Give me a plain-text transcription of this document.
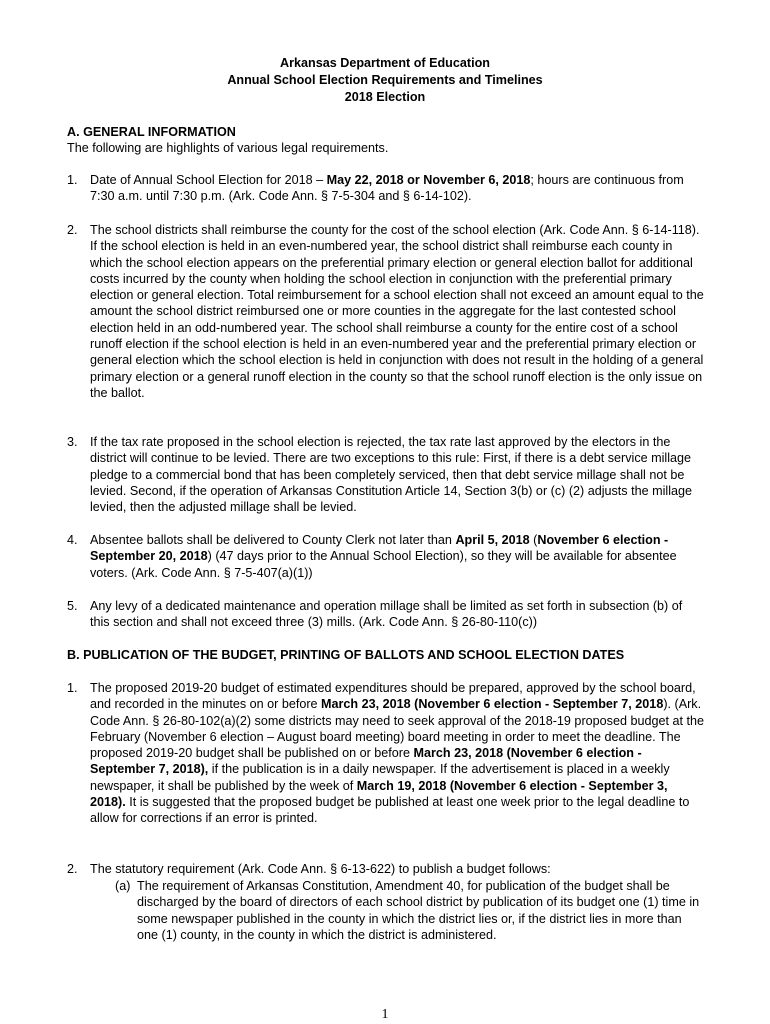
Arkansas Department of Education
Annual School Election Requirements and Timelines
2018 Election
A. GENERAL INFORMATION
The following are highlights of various legal requirements.
1. Date of Annual School Election for 2018 – May 22, 2018 or November 6, 2018; hours are continuous from 7:30 a.m. until 7:30 p.m. (Ark. Code Ann. § 7-5-304 and § 6-14-102).
2. The school districts shall reimburse the county for the cost of the school election (Ark. Code Ann. § 6-14-118). If the school election is held in an even-numbered year, the school district shall reimburse each county in which the school election appears on the preferential primary election or general election ballot for additional costs incurred by the county when holding the school election in conjunction with the preferential primary election or general election. Total reimbursement for a school election shall not exceed an amount equal to the amount the school district reimbursed one or more counties in the aggregate for the last contested school election held in an odd-numbered year. The school shall reimburse a county for the entire cost of a school runoff election if the school election is held in an even-numbered year and the preferential primary election or general election which the school election is held in conjunction with does not result in the holding of a general primary election or a general runoff election in the county so that the school runoff election is the only issue on the ballot.
3. If the tax rate proposed in the school election is rejected, the tax rate last approved by the electors in the district will continue to be levied. There are two exceptions to this rule: First, if there is a debt service millage pledge to a commercial bond that has been completely serviced, then that debt service millage shall not be levied. Second, if the operation of Arkansas Constitution Article 14, Section 3(b) or (c) (2) adjusts the millage levied, then the adjusted millage shall be levied.
4. Absentee ballots shall be delivered to County Clerk not later than April 5, 2018 (November 6 election - September 20, 2018) (47 days prior to the Annual School Election), so they will be available for absentee voters. (Ark. Code Ann. § 7-5-407(a)(1))
5. Any levy of a dedicated maintenance and operation millage shall be limited as set forth in subsection (b) of this section and shall not exceed three (3) mills. (Ark. Code Ann. § 26-80-110(c))
B. PUBLICATION OF THE BUDGET, PRINTING OF BALLOTS AND SCHOOL ELECTION DATES
1. The proposed 2019-20 budget of estimated expenditures should be prepared, approved by the school board, and recorded in the minutes on or before March 23, 2018 (November 6 election - September 7, 2018). (Ark. Code Ann. § 26-80-102(a)(2) some districts may need to seek approval of the 2018-19 proposed budget at the February (November 6 election – August board meeting) board meeting in order to meet the deadline. The proposed 2019-20 budget shall be published on or before March 23, 2018 (November 6 election - September 7, 2018), if the publication is in a daily newspaper. If the advertisement is placed in a weekly newspaper, it shall be published by the week of March 19, 2018 (November 6 election - September 3, 2018). It is suggested that the proposed budget be published at least one week prior to the legal deadline to allow for corrections if an error is printed.
2. The statutory requirement (Ark. Code Ann. § 6-13-622) to publish a budget follows:
(a) The requirement of Arkansas Constitution, Amendment 40, for publication of the budget shall be discharged by the board of directors of each school district by publication of its budget one (1) time in some newspaper published in the county in which the district lies or, if the district lies in more than one (1) county, in the county in which the district is administered.
1
